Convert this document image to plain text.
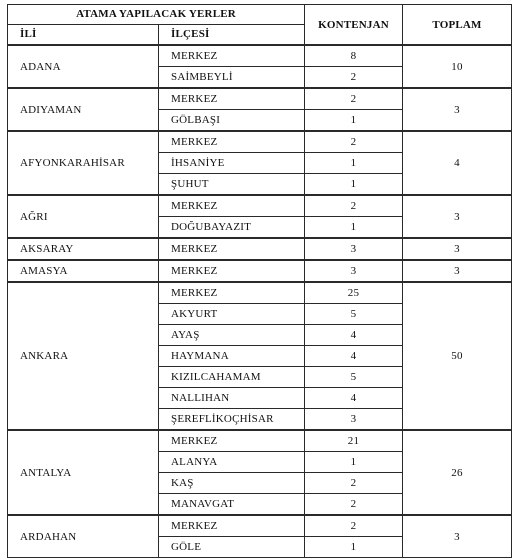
ATAMA YAPILACAK YERLER		KONTENJAN	TOPLAM
İLİ	İLÇESİ		
ADANA	MERKEZ	8	10
	SAİMBEYLİ	2	
ADIYAMAN	MERKEZ	2	3
	GÖLBAŞI	1	
AFYONKARAHİSAR	MERKEZ	2	4
	İHSANİYE	1	
	ŞUHUT	1	
AĞRI	MERKEZ	2	3
	DOĞUBAYAZIT	1	
AKSARAY	MERKEZ	3	3
AMASYA	MERKEZ	3	3
ANKARA	MERKEZ	25	50
	AKYURT	5	
	AYAŞ	4	
	HAYMANA	4	
	KIZILCAHAMAM	5	
	NALLIHAN	4	
	ŞEREFLİKOÇHİSAR	3	
ANTALYA	MERKEZ	21	26
	ALANYA	1	
	KAŞ	2	
	MANAVGAT	2	
ARDAHAN	MERKEZ	2	3
	GÖLE	1	
